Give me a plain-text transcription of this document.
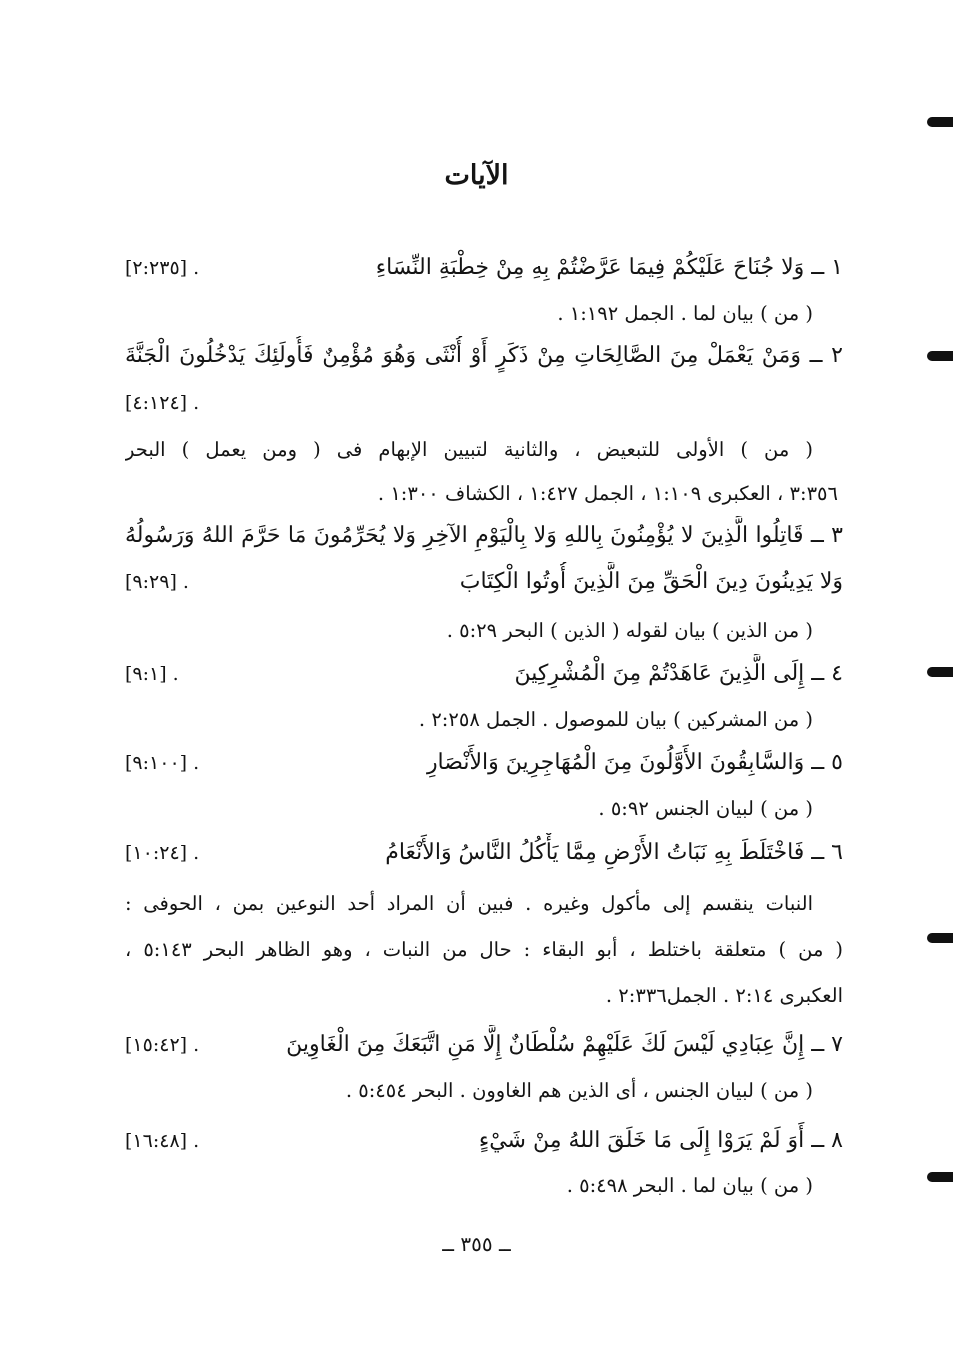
الآيات
١ ــ وَلا جُنَاحَ عَلَيْكُمْ فِيمَا عَرَّضْتُمْ بِهِ مِنْ خِطْبَةِ النِّسَاءِ
[٢:٢٣٥] .
( من ) بيان لما . الجمل ١:١٩٢ .
٢ ــ وَمَنْ يَعْمَلْ مِنَ الصَّالِحَاتِ مِنْ ذَكَرٍ أَوْ أُنْثَى وَهُوَ مُؤْمِنٌ فَأُولَئِكَ يَدْخُلُونَ الْجَنَّةَ
[٤:١٢٤] .
( من ) الأولى للتبعيض ، والثانية لتبيين الإبهام فى ( ومن يعمل ) البحر
٣:٣٥٦ ، العكبرى ١:١٠٩ ، الجمل ١:٤٢٧ ، الكشاف ١:٣٠٠ .
٣ ــ قَاتِلُوا الَّذِينَ لا يُؤْمِنُونَ بِاللهِ وَلا بِالْيَوْمِ الآخِرِ وَلا يُحَرِّمُونَ مَا حَرَّمَ اللهُ وَرَسُولُهُ
وَلا يَدِينُونَ دِينَ الْحَقِّ مِنَ الَّذِينَ أُوتُوا الْكِتَابَ
[٩:٢٩] .
( من الذين ) بيان لقوله ( الذين ) البحر ٥:٢٩ .
٤ ــ إِلَى الَّذِينَ عَاهَدْتُمْ مِنَ الْمُشْرِكِينَ
[٩:١] .
( من المشركين ) بيان للموصول . الجمل ٢:٢٥٨ .
٥ ــ وَالسَّابِقُونَ الأَوَّلُونَ مِنَ الْمُهَاجِرِينَ وَالأَنْصَارِ
[٩:١٠٠] .
( من ) لبيان الجنس ٥:٩٢ .
٦ ــ فَاخْتَلَطَ بِهِ نَبَاتُ الأَرْضِ مِمَّا يَأْكُلُ النَّاسُ وَالأَنْعَامُ
[١٠:٢٤] .
النبات ينقسم إلى مأكول وغيره . فبين أن المراد أحد النوعين بمن ، الحوفى :
( من ) متعلقة باختلط ، أبو البقاء : حال من النبات ، وهو الظاهر البحر ٥:١٤٣ ،
العكبرى ٢:١٤ . الجمل٢:٣٣٦ .
٧ ــ إِنَّ عِبَادِي لَيْسَ لَكَ عَلَيْهِمْ سُلْطَانٌ إِلَّا مَنِ اتَّبَعَكَ مِنَ الْغَاوِينَ
[١٥:٤٢] .
( من ) لبيان الجنس ، أى الذين هم الغاوون . البحر ٥:٤٥٤ .
٨ ــ أَوَ لَمْ يَرَوْا إِلَى مَا خَلَقَ اللهُ مِنْ شَيْءٍ
[١٦:٤٨] .
( من ) بيان لما . البحر ٥:٤٩٨ .
ــ ٣٥٥ ــ
